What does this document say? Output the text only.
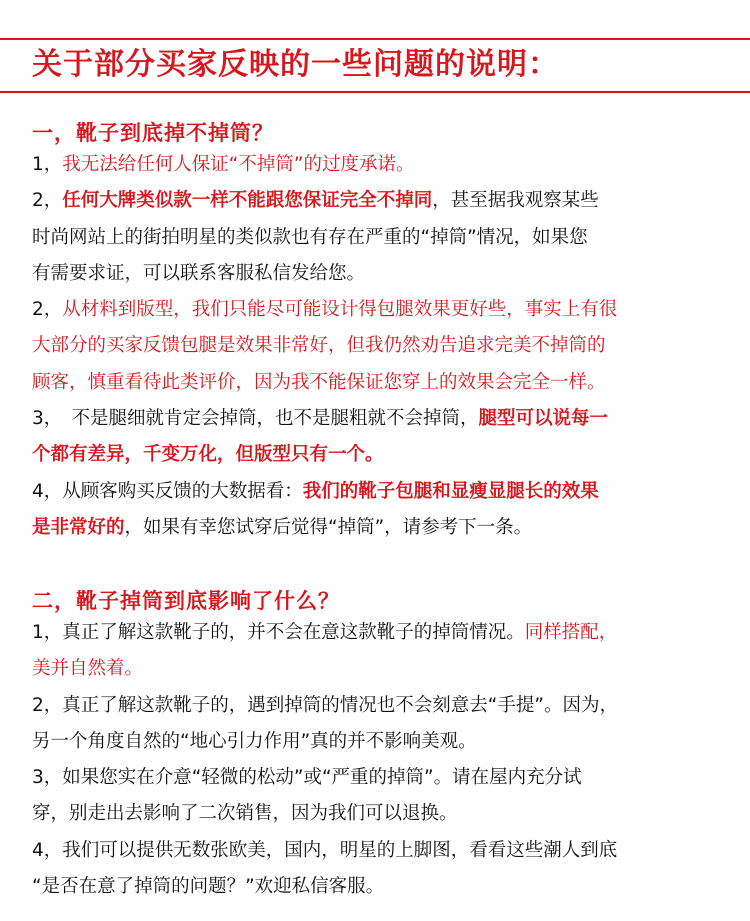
关于部分买家反映的一些问题的说明：
一，靴子到底掉不掉筒？
1，我无法给任何人保证“不掉筒”的过度承诺。
2，任何大牌类似款一样不能跟您保证完全不掉同，甚至据我观察某些
时尚网站上的街拍明星的类似款也有存在严重的“掉筒”情况，如果您
有需要求证，可以联系客服私信发给您。
2，从材料到版型，我们只能尽可能设计得包腿效果更好些，事实上有很
大部分的买家反馈包腿是效果非常好，但我仍然劝告追求完美不掉筒的
顾客，慎重看待此类评价，因为我不能保证您穿上的效果会完全一样。
3，　不是腿细就肯定会掉筒，也不是腿粗就不会掉筒，腿型可以说每一
个都有差异，千变万化，但版型只有一个。
4，从顾客购买反馈的大数据看：我们的靴子包腿和显瘦显腿长的效果
是非常好的，如果有幸您试穿后觉得“掉筒”，请参考下一条。
二，靴子掉筒到底影响了什么？
1，真正了解这款靴子的，并不会在意这款靴子的掉筒情况。同样搭配，
美并自然着。
2，真正了解这款靴子的，遇到掉筒的情况也不会刻意去“手提”。因为，
另一个角度自然的“地心引力作用”真的并不影响美观。
3，如果您实在介意“轻微的松动”或“严重的掉筒”。请在屋内充分试
穿，别走出去影响了二次销售，因为我们可以退换。
4，我们可以提供无数张欧美，国内，明星的上脚图，看看这些潮人到底
“是否在意了掉筒的问题？”欢迎私信客服。
